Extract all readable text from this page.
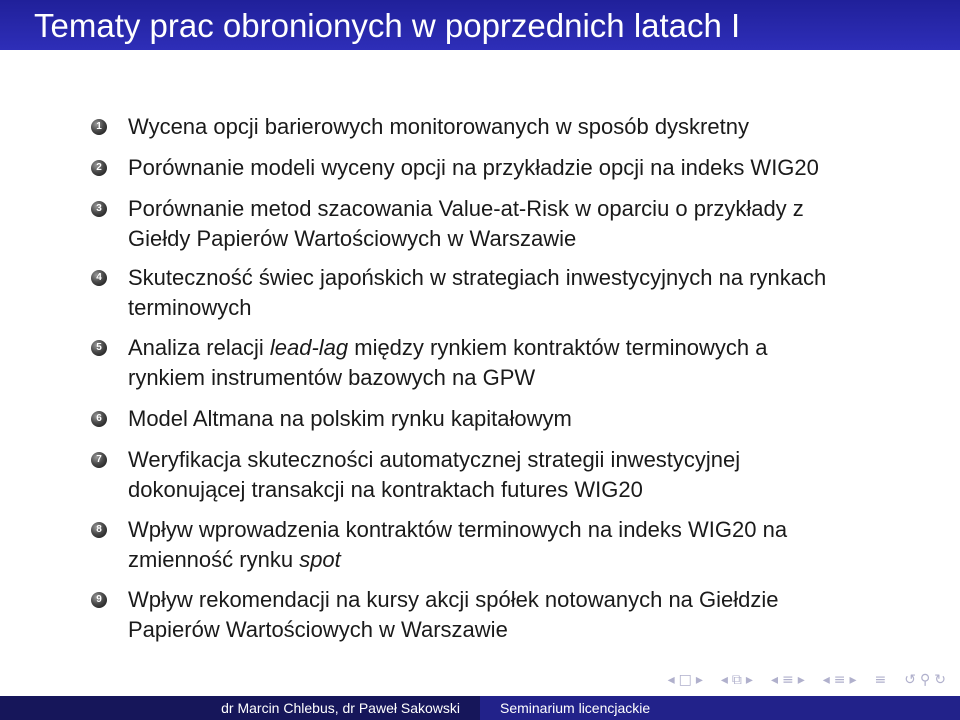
Tematy prac obronionych w poprzednich latach I
1 Wycena opcji barierowych monitorowanych w sposób dyskretny
2 Porównanie modeli wyceny opcji na przykładzie opcji na indeks WIG20
3 Porównanie metod szacowania Value-at-Risk w oparciu o przykłady z
Giełdy Papierów Wartościowych w Warszawie
4 Skuteczność świec japońskich w strategiach inwestycyjnych na rynkach
terminowych
5 Analiza relacji lead-lag między rynkiem kontraktów terminowych a
rynkiem instrumentów bazowych na GPW
6 Model Altmana na polskim rynku kapitałowym
7 Weryfikacja skuteczności automatycznej strategii inwestycyjnej
dokonującej transakcji na kontraktach futures WIG20
8 Wpływ wprowadzenia kontraktów terminowych na indeks WIG20 na
zmienność rynku spot
9 Wpływ rekomendacji na kursy akcji spółek notowanych na Giełdzie
Papierów Wartościowych w Warszawie
◂ □ ▸ ◂ ⧉ ▸ ◂ ≡ ▸ ◂ ≡ ▸ ≡ ↺ ⚲ ↻
dr Marcin Chlebus, dr Paweł Sakowski	Seminarium licencjackie
